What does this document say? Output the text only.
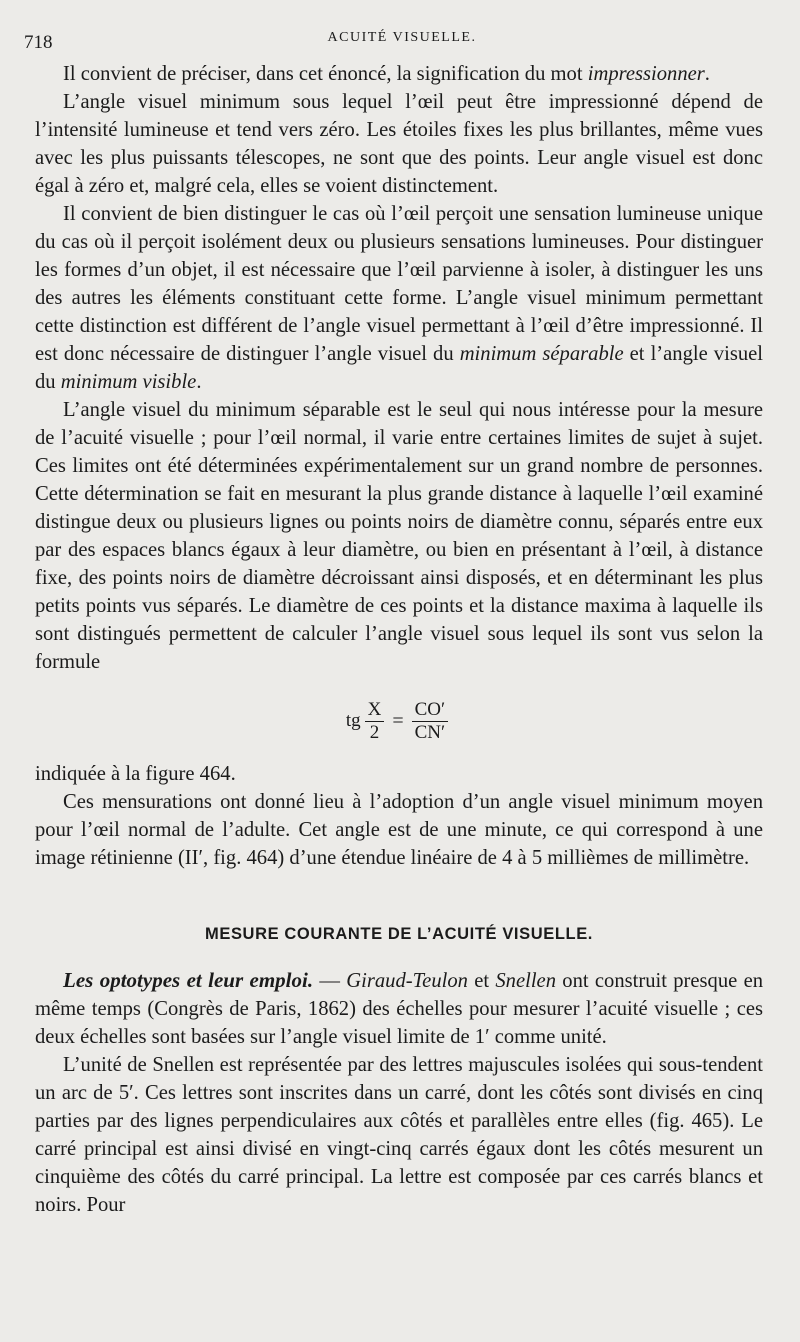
718	ACUITÉ VISUELLE.

Il convient de préciser, dans cet énoncé, la signification du mot impressionner.

L’angle visuel minimum sous lequel l’œil peut être impressionné dépend de l’intensité lumineuse et tend vers zéro. Les étoiles fixes les plus brillantes, même vues avec les plus puissants télescopes, ne sont que des points. Leur angle visuel est donc égal à zéro et, malgré cela, elles se voient distinctement.

Il convient de bien distinguer le cas où l’œil perçoit une sensation lumineuse unique du cas où il perçoit isolément deux ou plusieurs sensations lumineuses. Pour distinguer les formes d’un objet, il est nécessaire que l’œil parvienne à isoler, à distinguer les uns des autres les éléments constituant cette forme. L’angle visuel minimum permettant cette distinction est différent de l’angle visuel permettant à l’œil d’être impressionné. Il est donc nécessaire de distinguer l’angle visuel du minimum séparable et l’angle visuel du minimum visible.

L’angle visuel du minimum séparable est le seul qui nous intéresse pour la mesure de l’acuité visuelle ; pour l’œil normal, il varie entre certaines limites de sujet à sujet. Ces limites ont été déterminées expérimentalement sur un grand nombre de personnes. Cette détermination se fait en mesurant la plus grande distance à laquelle l’œil examiné distingue deux ou plusieurs lignes ou points noirs de diamètre connu, séparés entre eux par des espaces blancs égaux à leur diamètre, ou bien en présentant à l’œil, à distance fixe, des points noirs de diamètre décroissant ainsi disposés, et en déterminant les plus petits points vus séparés. Le diamètre de ces points et la distance maxima à laquelle ils sont distingués permettent de calculer l’angle visuel sous lequel ils sont vus selon la formule

tg $\frac{X}{2} = \frac{CO'}{CN'}$

indiquée à la figure 464.

Ces mensurations ont donné lieu à l’adoption d’un angle visuel minimum moyen pour l’œil normal de l’adulte. Cet angle est de une minute, ce qui correspond à une image rétinienne (II′, fig. 464) d’une étendue linéaire de 4 à 5 millièmes de millimètre.

MESURE COURANTE DE L’ACUITÉ VISUELLE.

Les optotypes et leur emploi. — Giraud-Teulon et Snellen ont construit presque en même temps (Congrès de Paris, 1862) des échelles pour mesurer l’acuité visuelle ; ces deux échelles sont basées sur l’angle visuel limite de 1′ comme unité.

L’unité de Snellen est représentée par des lettres majuscules isolées qui sous-tendent un arc de 5′. Ces lettres sont inscrites dans un carré, dont les côtés sont divisés en cinq parties par des lignes perpendiculaires aux côtés et parallèles entre elles (fig. 465). Le carré principal est ainsi divisé en vingt-cinq carrés égaux dont les côtés mesurent un cinquième des côtés du carré principal. La lettre est composée par ces carrés blancs et noirs. Pour
